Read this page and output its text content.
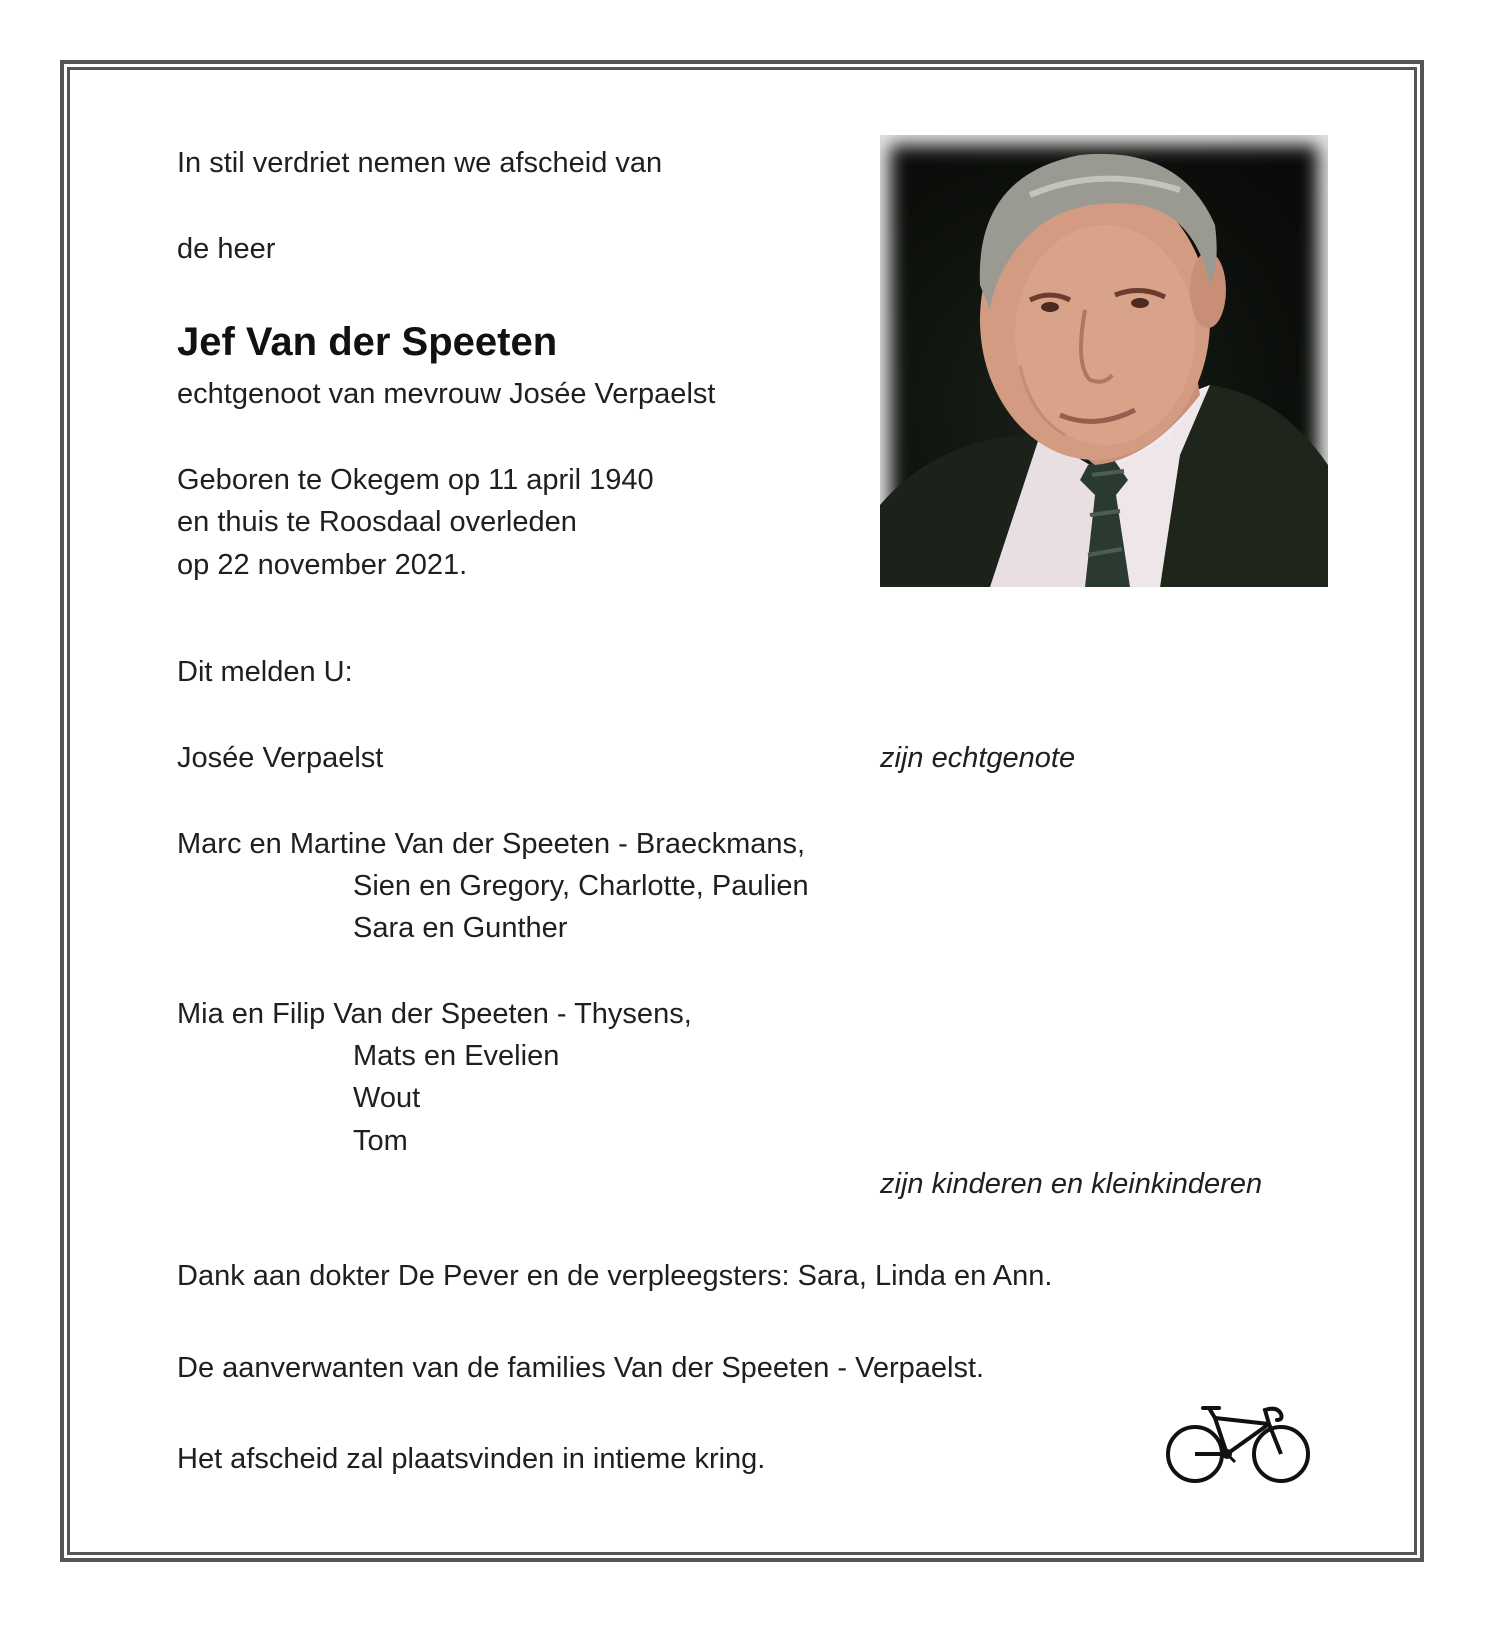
In stil verdriet nemen we afscheid van
de heer
Jef Van der Speeten
echtgenoot van mevrouw Josée Verpaelst
Geboren te Okegem op 11 april 1940
en thuis te Roosdaal overleden
op 22 november 2021.
Dit melden U:
Josée Verpaelst	zijn echtgenote
Marc en Martine Van der Speeten - Braeckmans,
Sien en Gregory, Charlotte, Paulien
Sara en Gunther
Mia en Filip Van der Speeten - Thysens,
Mats en Evelien
Wout
Tom
zijn kinderen en kleinkinderen
Dank aan dokter De Pever en de verpleegsters: Sara, Linda en Ann.
De aanverwanten van de families Van der Speeten - Verpaelst.
Het afscheid zal plaatsvinden in intieme kring.
